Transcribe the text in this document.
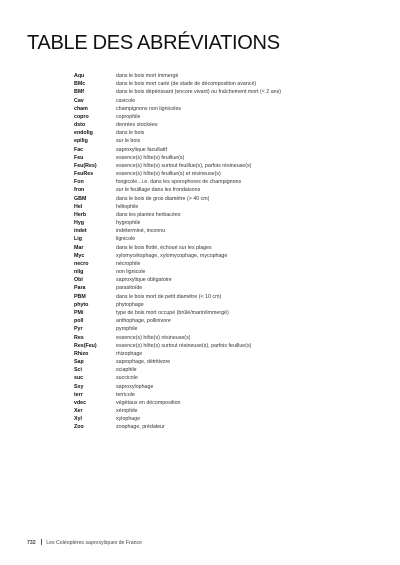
TABLE DES ABRÉVIATIONS
Aqu	dans le bois mort immergé
BMc	dans le bois mort carié (de stade de décomposition avancé)
BMf	dans le bois dépérissant (encore vivant) ou fraîchement mort (< 2 ans)
Cav	cavicole
cham	champignons non lignicoles
copro	coprophile
dsto	denrées stockées
endolig	dans le bois
epilig	sur le bois
Fac	saproxylique facultatif
Feu	essence(s) hôte(s) feuillue(s)
Feu(Res)	essence(s) hôte(s) surtout feuillue(s), parfois résineuse(s)
FeuRes	essence(s) hôte(s) feuillue(s) et résineuse(s)
Fon	fongicole...i.e. dans les sporophores de champignons
fron	sur le feuillage dans les frondaisons
GBM	dans le bois de gros diamètre (> 40 cm)
Hel	héliophile
Herb	dans les plantes herbacées
Hyg	hygrophile
indet	indéterminé, inconnu
Lig	lignicole
Mar	dans le bois flotté, échoué sur les plages
Myc	xylomycétophage, xylomycophage, mycophage
necro	nécrophile
nlig	non lignicole
Obl	saproxylique obligatoire
Para	parasitoïde
PBM	dans le bois mort de petit diamètre (< 10 cm)
phyto	phytophage
PMi	type de bois mort occupé (brûlé/marin/immergé)
poll	anthophage, pollinivore
Pyr	pyrophile
Res	essence(s) hôte(s) résineuse(s)
Res(Feu)	essence(s) hôte(s) surtout résineuse(s), parfois feuillue(s)
Rhizo	rhizophage
Sap	saprophage, détritivore
Sci	sciaphile
suc	succicole
Sxy	saproxylophage
terr	terricole
vdec	végétaux en décomposition
Xer	xérophile
Xyl	xylophage
Zoo	zoophage, prédateur
732 Les Coléoptères saproxyliques de France
